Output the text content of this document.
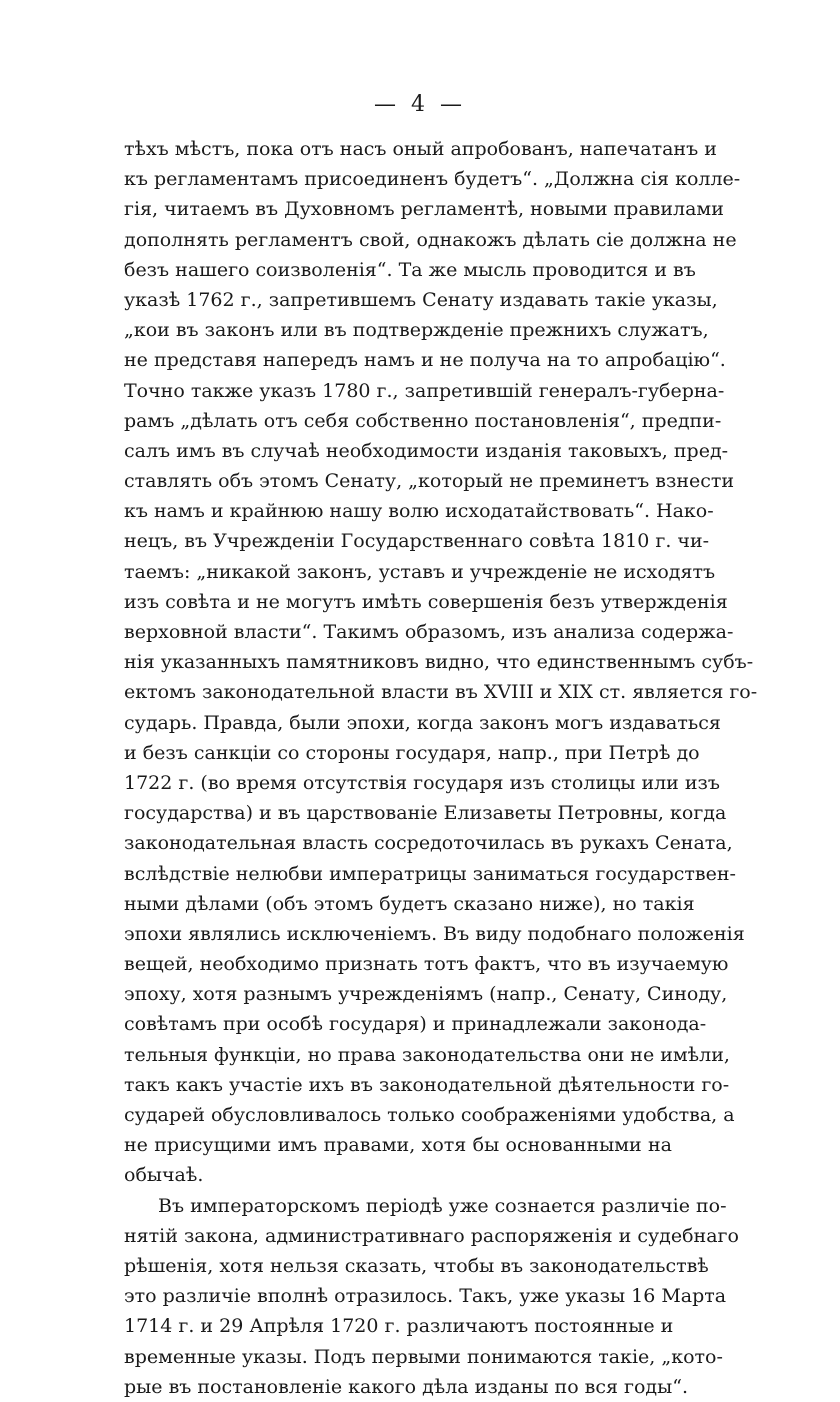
— 4 —
тѣхъ мѣстъ, пока отъ насъ оный апробованъ, напечатанъ и
къ регламентамъ присоединенъ будетъ“. „Должна сія колле-
гія, читаемъ въ Духовномъ регламентѣ, новыми правилами
дополнять регламентъ свой, однакожъ дѣлать сіе должна не
безъ нашего соизволенія“. Та же мысль проводится и въ
указѣ 1762 г., запретившемъ Сенату издавать такіе указы,
„кои въ законъ или въ подтвержденіе прежнихъ служатъ,
не представя напередъ намъ и не получа на то апробацію“.
Точно также указъ 1780 г., запретившій генералъ-губерна-
рамъ „дѣлать отъ себя собственно постановленія“, предпи-
салъ имъ въ случаѣ необходимости изданія таковыхъ, пред-
ставлять объ этомъ Сенату, „который не преминетъ взнести
къ намъ и крайнюю нашу волю исходатайствовать“. Нако-
нецъ, въ Учрежденіи Государственнаго совѣта 1810 г. чи-
таемъ: „никакой законъ, уставъ и учрежденіе не исходятъ
изъ совѣта и не могутъ имѣть совершенія безъ утвержденія
верховной власти“. Такимъ образомъ, изъ анализа содержа-
нія указанныхъ памятниковъ видно, что единственнымъ субъ-
ектомъ законодательной власти въ XVIII и XIX ст. является го-
сударь. Правда, были эпохи, когда законъ могъ издаваться
и безъ санкціи со стороны государя, напр., при Петрѣ до
1722 г. (во время отсутствія государя изъ столицы или изъ
государства) и въ царствованіе Елизаветы Петровны, когда
законодательная власть сосредоточилась въ рукахъ Сената,
вслѣдствіе нелюбви императрицы заниматься государствен-
ными дѣлами (объ этомъ будетъ сказано ниже), но такія
эпохи являлись исключеніемъ. Въ виду подобнаго положенія
вещей, необходимо признать тотъ фактъ, что въ изучаемую
эпоху, хотя разнымъ учрежденіямъ (напр., Сенату, Синоду,
совѣтамъ при особѣ государя) и принадлежали законода-
тельныя функціи, но права законодательства они не имѣли,
такъ какъ участіе ихъ въ законодательной дѣятельности го-
сударей обусловливалось только соображеніями удобства, а
не присущими имъ правами, хотя бы основанными на
обычаѣ.
Въ императорскомъ періодѣ уже сознается различіе по-
нятій закона, административнаго распоряженія и судебнаго
рѣшенія, хотя нельзя сказать, чтобы въ законодательствѣ
это различіе вполнѣ отразилось. Такъ, уже указы 16 Марта
1714 г. и 29 Апрѣля 1720 г. различаютъ постоянные и
временные указы. Подъ первыми понимаются такіе, „кото-
рые въ постановленіе какого дѣла изданы по вся годы“.
